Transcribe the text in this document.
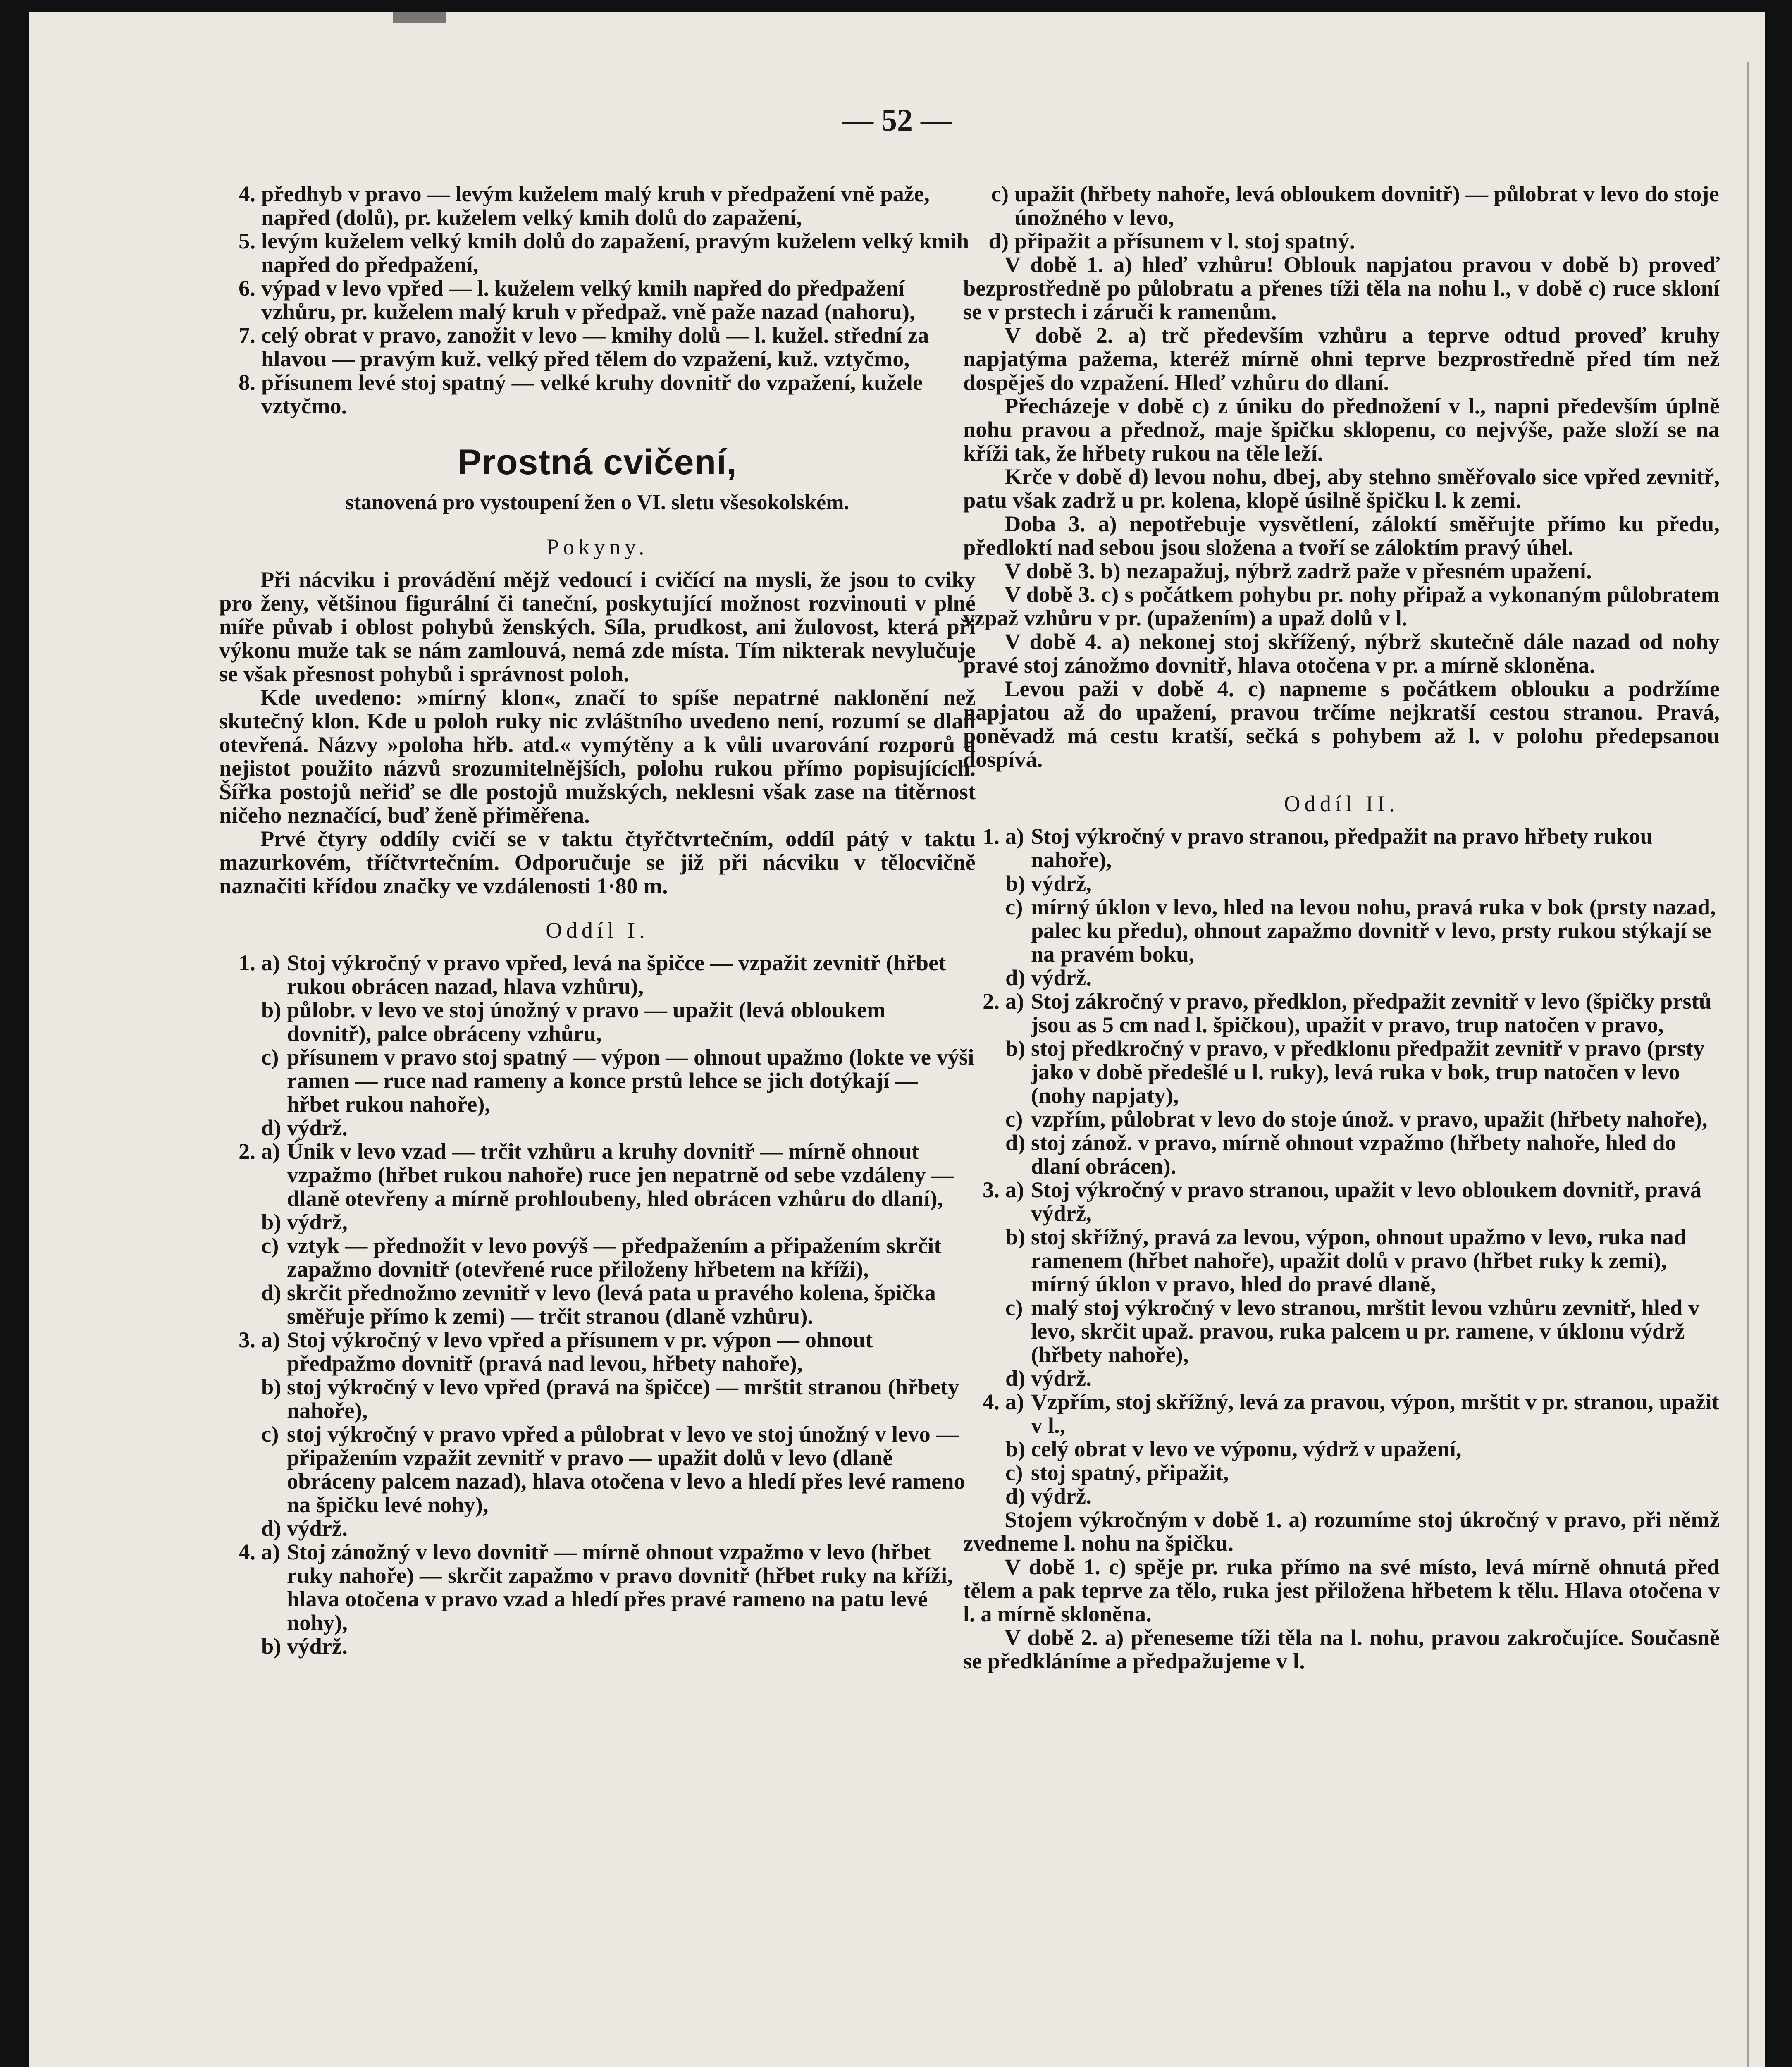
— 52 —
4. předhyb v pravo — levým kuželem malý kruh v předpažení vně paže, napřed (dolů), pr. kuželem velký kmih dolů do zapažení,
5. levým kuželem velký kmih dolů do zapažení, pravým kuželem velký kmih napřed do předpažení,
6. výpad v levo vpřed — l. kuželem velký kmih napřed do předpažení vzhůru, pr. kuželem malý kruh v předpaž. vně paže nazad (nahoru),
7. celý obrat v pravo, zanožit v levo — kmihy dolů — l. kužel. střední za hlavou — pravým kuž. velký před tělem do vzpažení, kuž. vztyčmo,
8. přísunem levé stoj spatný — velké kruhy dovnitř do vzpažení, kužele vztyčmo.
Prostná cvičení,
stanovená pro vystoupení žen o VI. sletu všesokolském.
Pokyny.

Při nácviku i provádění mějž vedoucí i cvičící na mysli, že jsou to cviky pro ženy, většinou figurální či taneční, poskytující možnost rozvinouti v plné míře půvab i oblost pohybů ženských. Síla, prudkost, ani žulovost, která při výkonu muže tak se nám zamlouvá, nemá zde místa. Tím nikterak nevylučuje se však přesnost pohybů i správnost poloh.

Kde uvedeno: »mírný klon«, značí to spíše nepatrné naklonění než skutečný klon. Kde u poloh ruky nic zvláštního uvedeno není, rozumí se dlaň otevřená. Názvy »poloha hřb. atd.« vymýtěny a k vůli uvarování rozporů a nejistot použito názvů srozumitelnějších, polohu rukou přímo popisujících. Šířka postojů neřiď se dle postojů mužských, neklesni však zase na titěrnost ničeho neznačící, buď ženě přiměřena.

Prvé čtyry oddíly cvičí se v taktu čtyřčtvrtečním, oddíl pátý v taktu mazurkovém, tříčtvrtečním. Odporučuje se již při nácviku v tělocvičně naznačiti křídou značky ve vzdálenosti 1·80 m.

Oddíl I.
1. a) Stoj výkročný v pravo vpřed, levá na špičce — vzpažit zevnitř (hřbet rukou obrácen nazad, hlava vzhůru),
b) půlobr. v levo ve stoj únožný v pravo — upažit (levá obloukem dovnitř), palce obráceny vzhůru,
c) přísunem v pravo stoj spatný — výpon — ohnout upažmo (lokte ve výši ramen — ruce nad rameny a konce prstů lehce se jich dotýkají — hřbet rukou nahoře),
d) výdrž.
2. a) Únik v levo vzad — trčit vzhůru a kruhy dovnitř — mírně ohnout vzpažmo (hřbet rukou nahoře) ruce jen nepatrně od sebe vzdáleny — dlaně otevřeny a mírně prohloubeny, hled obrácen vzhůru do dlaní),
b) výdrž,
c) vztyk — přednožit v levo povýš — předpažením a připažením skrčit zapažmo dovnitř (otevřené ruce přiloženy hřbetem na kříži),
d) skrčit přednožmo zevnitř v levo (levá pata u pravého kolena, špička směřuje přímo k zemi) — trčit stranou (dlaně vzhůru).
3. a) Stoj výkročný v levo vpřed a přísunem v pr. výpon — ohnout předpažmo dovnitř (pravá nad levou, hřbety nahoře),
b) stoj výkročný v levo vpřed (pravá na špičce) — mrštit stranou (hřbety nahoře),
c) stoj výkročný v pravo vpřed a půlobrat v levo ve stoj únožný v levo — připažením vzpažit zevnitř v pravo — upažit dolů v levo (dlaně obráceny palcem nazad), hlava otočena v levo a hledí přes levé rameno na špičku levé nohy),
d) výdrž.
4. a) Stoj zánožný v levo dovnitř — mírně ohnout vzpažmo v levo (hřbet ruky nahoře) — skrčit zapažmo v pravo dovnitř (hřbet ruky na kříži, hlava otočena v pravo vzad a hledí přes pravé rameno na patu levé nohy),
b) výdrž.
c) upažit (hřbety nahoře, levá obloukem dovnitř) — půlobrat v levo do stoje únožného v levo,
d) připažit a přísunem v l. stoj spatný.

V době 1. a) hleď vzhůru! Oblouk napjatou pravou v době b) proveď bezprostředně po půlobratu a přenes tíži těla na nohu l., v době c) ruce skloní se v prstech i záruči k ramenům.

V době 2. a) trč především vzhůru a teprve odtud proveď kruhy napjatýma pažema, kteréž mírně ohni teprve bezprostředně před tím než dospěješ do vzpažení. Hleď vzhůru do dlaní.

Přecházeje v době c) z úniku do přednožení v l., napni především úplně nohu pravou a přednož, maje špičku sklopenu, co nejvýše, paže složí se na kříži tak, že hřbety rukou na těle leží.

Krče v době d) levou nohu, dbej, aby stehno směřovalo sice vpřed zevnitř, patu však zadrž u pr. kolena, klopě úsilně špičku l. k zemi.

Doba 3. a) nepotřebuje vysvětlení, záloktí směřujte přímo ku předu, předloktí nad sebou jsou složena a tvoří se záloktím pravý úhel.

V době 3. b) nezapažuj, nýbrž zadrž paže v přesném upažení.

V době 3. c) s počátkem pohybu pr. nohy připaž a vykonaným půlobratem vzpaž vzhůru v pr. (upažením) a upaž dolů v l.

V době 4. a) nekonej stoj skřížený, nýbrž skutečně dále nazad od nohy pravé stoj zánožmo dovnitř, hlava otočena v pr. a mírně skloněna.

Levou paži v době 4. c) napneme s počátkem oblouku a podržíme napjatou až do upažení, pravou trčíme nejkratší cestou stranou. Pravá, poněvadž má cestu kratší, sečká s pohybem až l. v polohu předepsanou dospívá.

Oddíl II.
1. a) Stoj výkročný v pravo stranou, předpažit na pravo hřbety rukou nahoře),
b) výdrž,
c) mírný úklon v levo, hled na levou nohu, pravá ruka v bok (prsty nazad, palec ku předu), ohnout zapažmo dovnitř v levo, prsty rukou stýkají se na pravém boku,
d) výdrž.
2. a) Stoj zákročný v pravo, předklon, předpažit zevnitř v levo (špičky prstů jsou as 5 cm nad l. špičkou), upažit v pravo, trup natočen v pravo,
b) stoj předkročný v pravo, v předklonu předpažit zevnitř v pravo (prsty jako v době předešlé u l. ruky), levá ruka v bok, trup natočen v levo (nohy napjaty),
c) vzpřím, půlobrat v levo do stoje únož. v pravo, upažit (hřbety nahoře),
d) stoj zánož. v pravo, mírně ohnout vzpažmo (hřbety nahoře, hled do dlaní obrácen).
3. a) Stoj výkročný v pravo stranou, upažit v levo obloukem dovnitř, pravá výdrž,
b) stoj skřížný, pravá za levou, výpon, ohnout upažmo v levo, ruka nad ramenem (hřbet nahoře), upažit dolů v pravo (hřbet ruky k zemi), mírný úklon v pravo, hled do pravé dlaně,
c) malý stoj výkročný v levo stranou, mrštit levou vzhůru zevnitř, hled v levo, skrčit upaž. pravou, ruka palcem u pr. ramene, v úklonu výdrž (hřbety nahoře),
d) výdrž.
4. a) Vzpřím, stoj skřížný, levá za pravou, výpon, mrštit v pr. stranou, upažit v l.,
b) celý obrat v levo ve výponu, výdrž v upažení,
c) stoj spatný, připažit,
d) výdrž.

Stojem výkročným v době 1. a) rozumíme stoj úkročný v pravo, při němž zvedneme l. nohu na špičku.

V době 1. c) spěje pr. ruka přímo na své místo, levá mírně ohnutá před tělem a pak teprve za tělo, ruka jest přiložena hřbetem k tělu. Hlava otočena v l. a mírně skloněna.

V době 2. a) přeneseme tíži těla na l. nohu, pravou zakročujíce. Současně se předkláníme a předpažujeme v l.
